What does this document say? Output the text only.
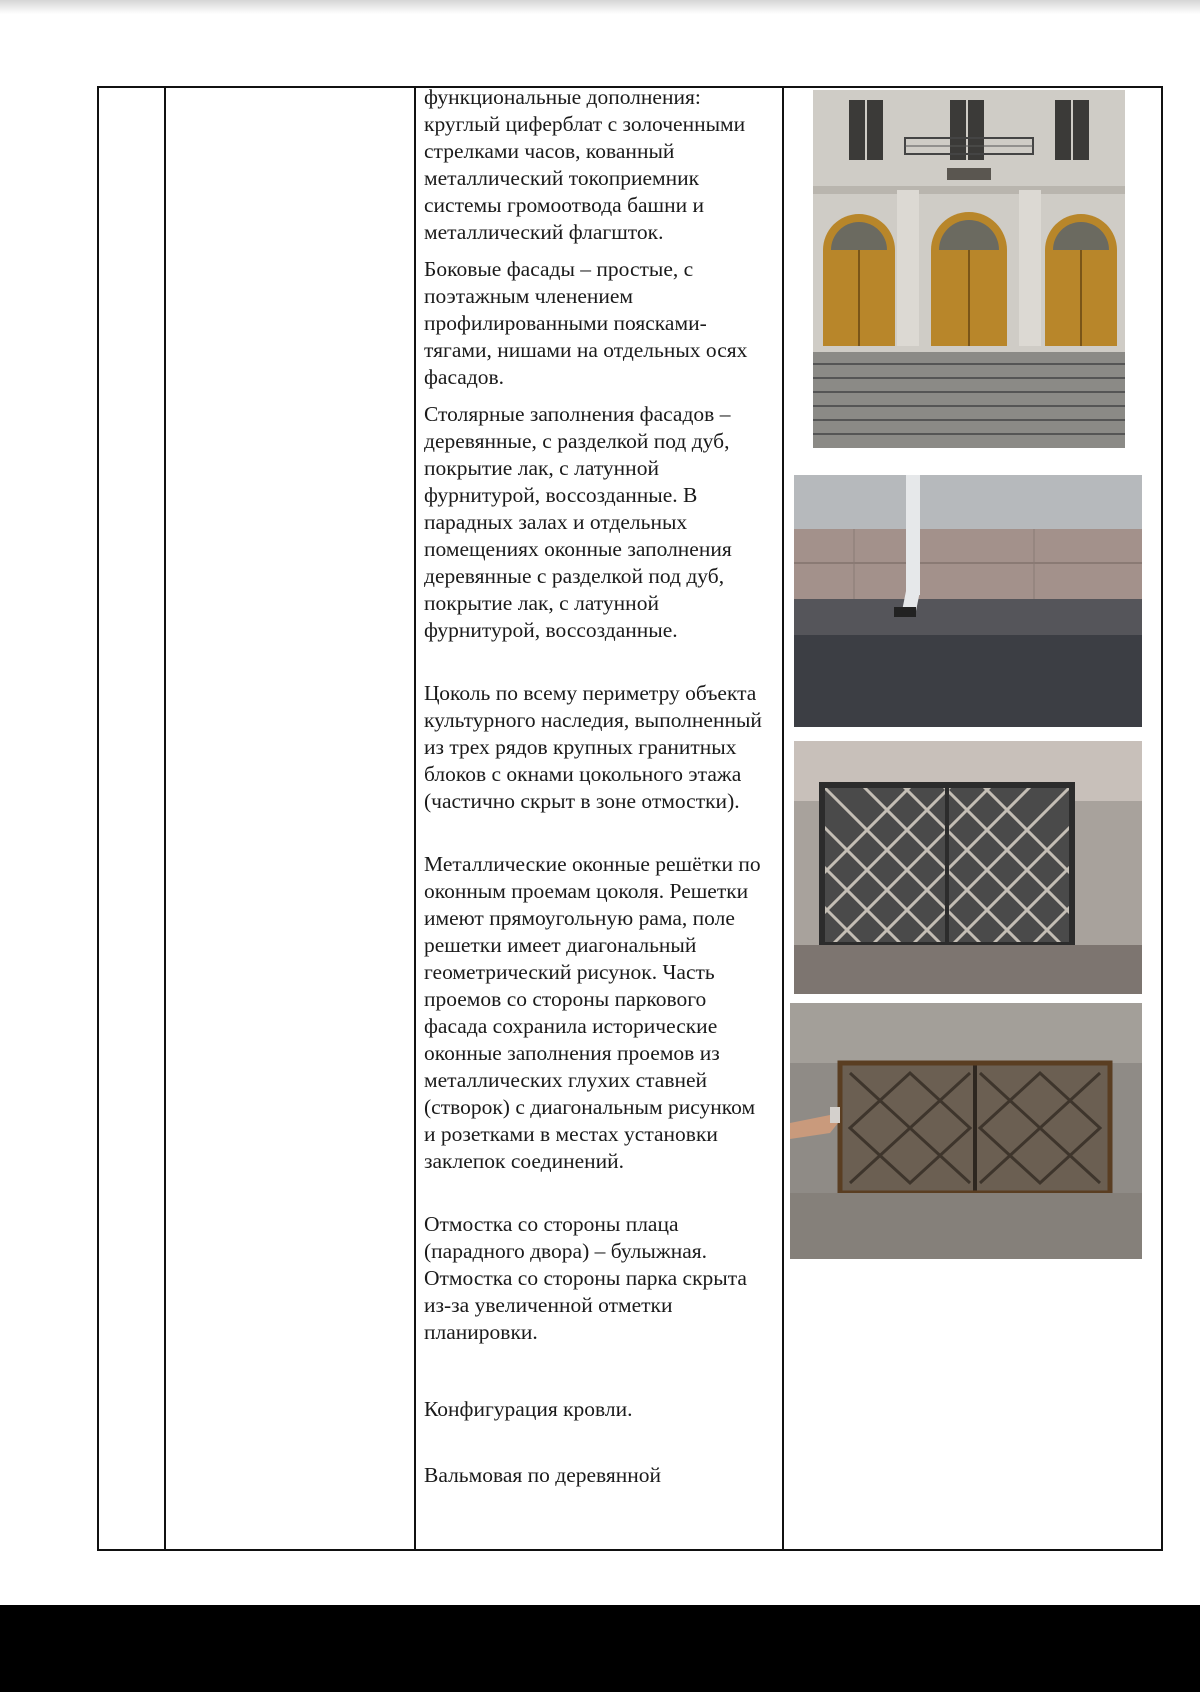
функциональные дополнения: круглый циферблат с золоченными стрелками часов, кованный металлический токоприемник системы громоотвода башни и металлический флагшток.

Боковые фасады – простые, с поэтажным членением профилированными поясками-тягами, нишами на отдельных осях фасадов.

Столярные заполнения фасадов – деревянные, с разделкой под дуб, покрытие лак, с латунной фурнитурой, воссозданные. В парадных залах и отдельных помещениях оконные заполнения деревянные с разделкой под дуб, покрытие лак, с латунной фурнитурой, воссозданные.

Цоколь по всему периметру объекта культурного наследия, выполненный из трех рядов крупных гранитных блоков с окнами цокольного этажа (частично скрыт в зоне отмостки).

Металлические оконные решётки по оконным проемам цоколя. Решетки имеют прямоугольную рама, поле решетки имеет диагональный геометрический рисунок. Часть проемов со стороны паркового фасада сохранила исторические оконные заполнения проемов из металлических глухих ставней (створок) с диагональным рисунком и розетками в местах установки заклепок соединений.

Отмостка со стороны плаца (парадного двора) – булыжная. Отмостка со стороны парка скрыта из-за увеличенной отметки планировки.

Конфигурация кровли.

Вальмовая по деревянной
